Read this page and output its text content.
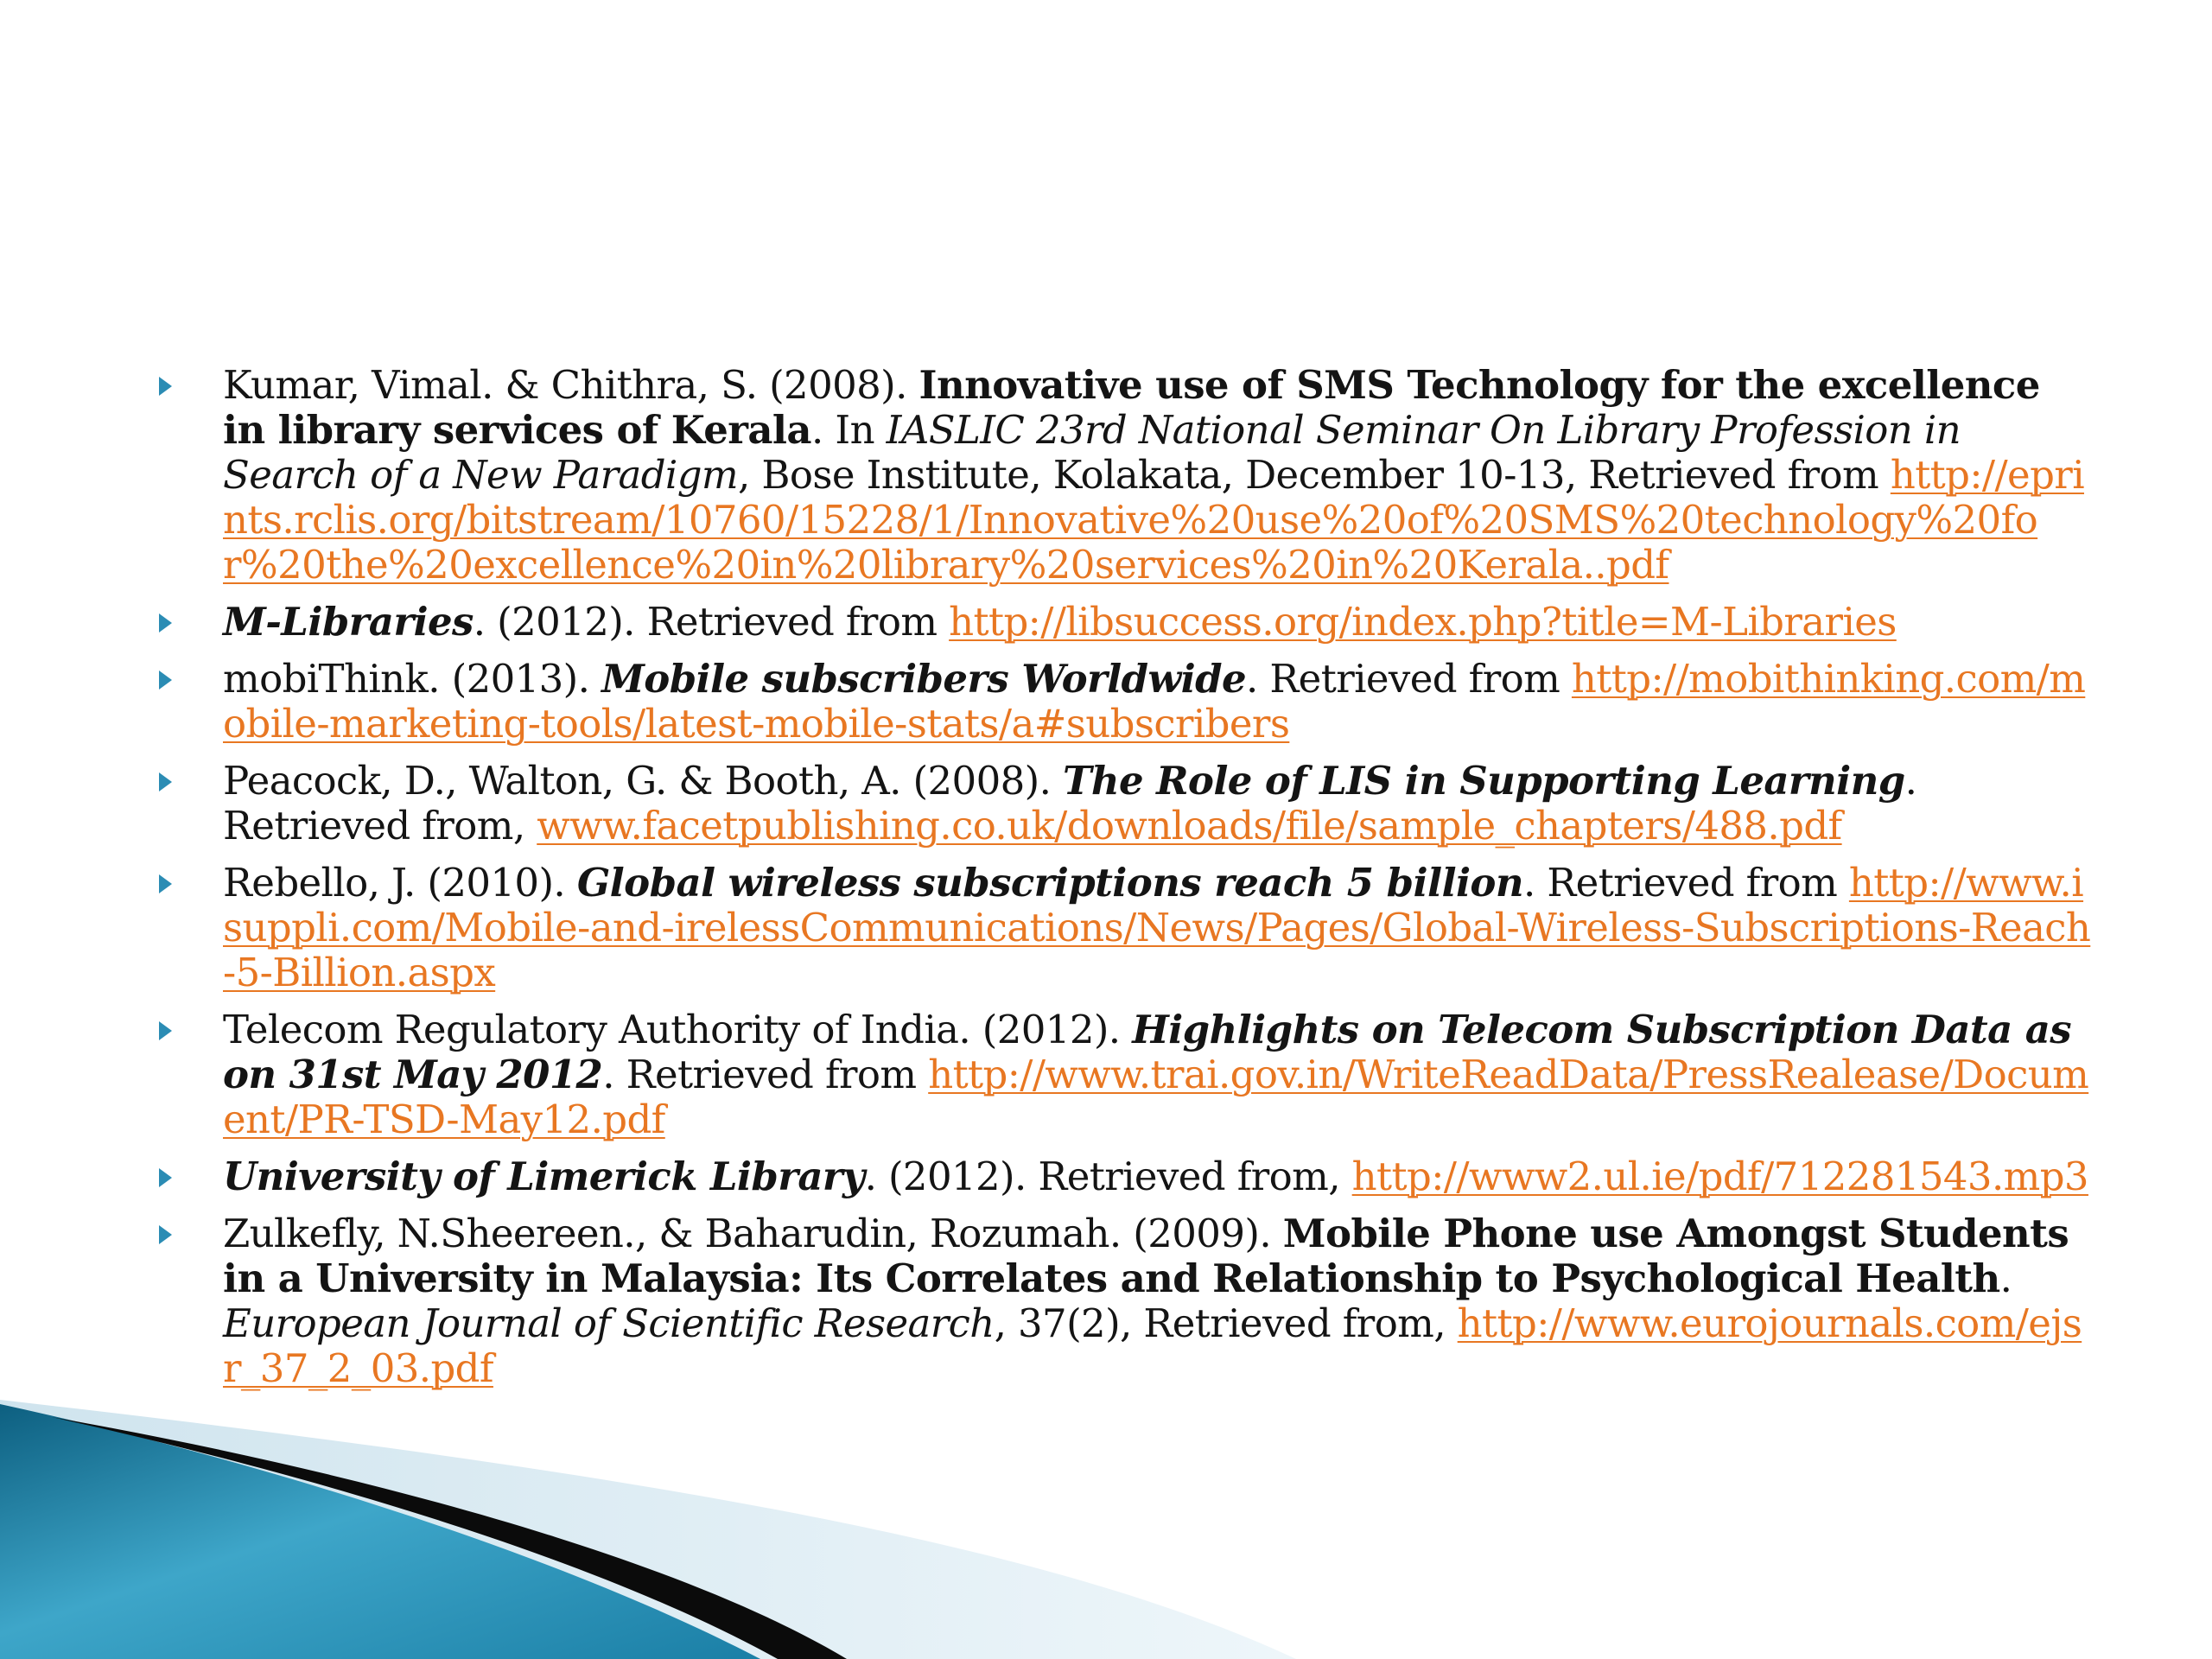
Kumar, Vimal. & Chithra, S. (2008). Innovative use of SMS Technology for the excellence in library services of Kerala. In IASLIC 23rd National Seminar On Library Profession in Search of a New Paradigm, Bose Institute, Kolakata, December 10-13, Retrieved from http://eprints.rclis.org/bitstream/10760/15228/1/Innovative%20use%20of%20SMS%20technology%20for%20the%20excellence%20in%20library%20services%20in%20Kerala..pdf
M-Libraries. (2012). Retrieved from http://libsuccess.org/index.php?title=M-Libraries
mobiThink. (2013). Mobile subscribers Worldwide. Retrieved from http://mobithinking.com/mobile-marketing-tools/latest-mobile-stats/a#subscribers
Peacock, D., Walton, G. & Booth, A. (2008). The Role of LIS in Supporting Learning. Retrieved from, www.facetpublishing.co.uk/downloads/file/sample_chapters/488.pdf
Rebello, J. (2010). Global wireless subscriptions reach 5 billion. Retrieved from http://www.isuppli.com/Mobile-and-irelessCommunications/News/Pages/Global-Wireless-Subscriptions-Reach-5-Billion.aspx
Telecom Regulatory Authority of India. (2012). Highlights on Telecom Subscription Data as on 31st May 2012. Retrieved from http://www.trai.gov.in/WriteReadData/PressRealease/Document/PR-TSD-May12.pdf
University of Limerick Library. (2012). Retrieved from, http://www2.ul.ie/pdf/712281543.mp3
Zulkefly, N.Sheereen., & Baharudin, Rozumah. (2009). Mobile Phone use Amongst Students in a University in Malaysia: Its Correlates and Relationship to Psychological Health. European Journal of Scientific Research, 37(2), Retrieved from, http://www.eurojournals.com/ejsr_37_2_03.pdf
